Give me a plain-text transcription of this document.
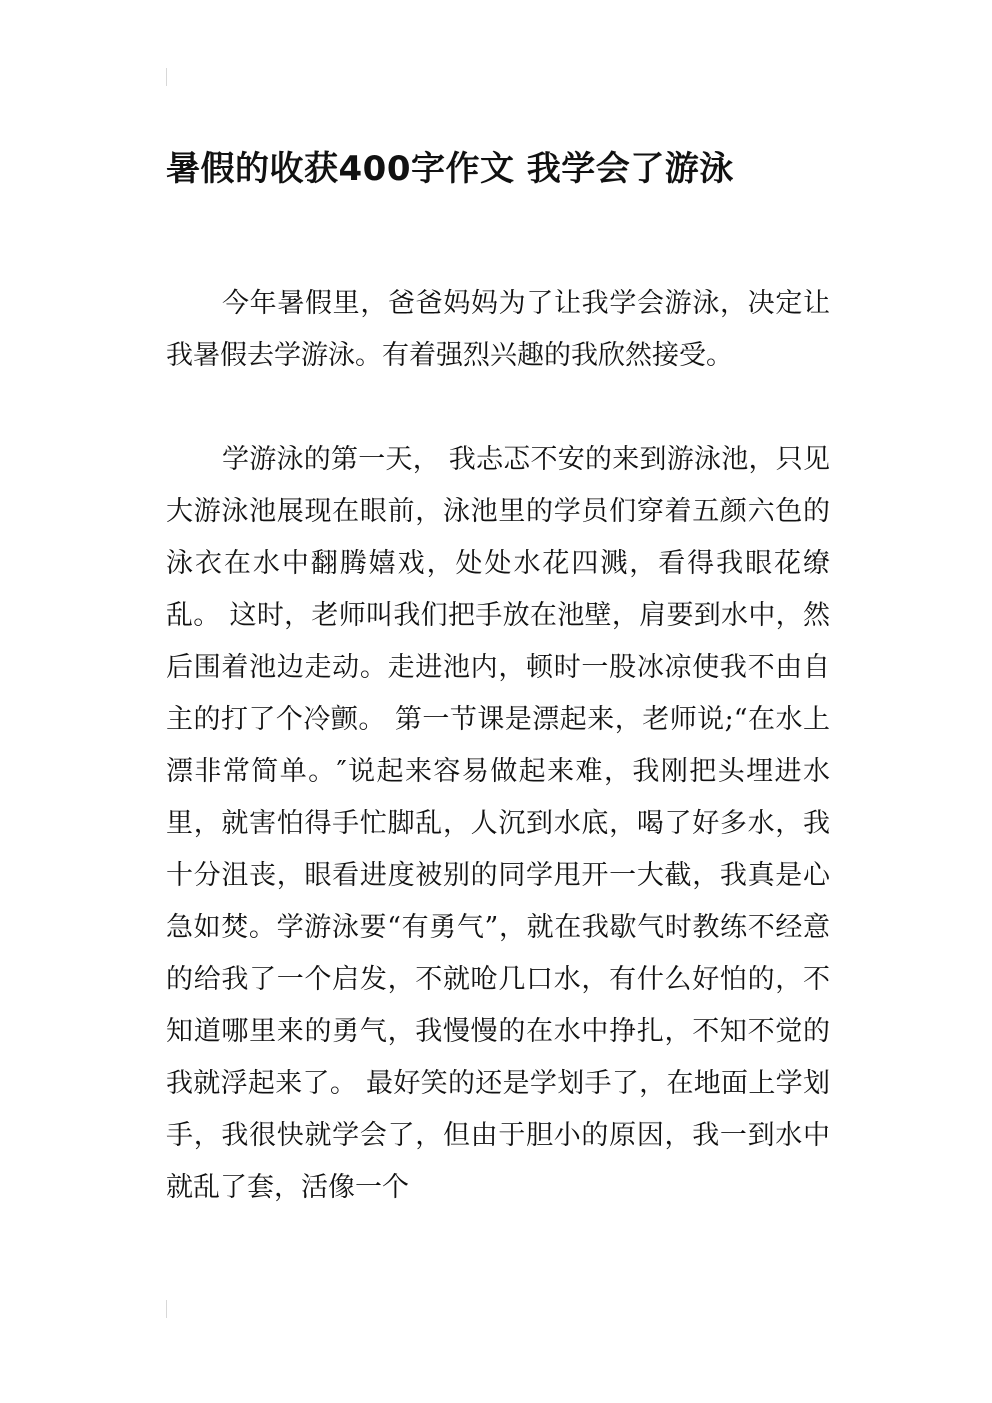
暑假的收获400字作文 我学会了游泳

今年暑假里，爸爸妈妈为了让我学会游泳，决定让我暑假去学游泳。有着强烈兴趣的我欣然接受。

学游泳的第一天， 我忐忑不安的来到游泳池，只见大游泳池展现在眼前，泳池里的学员们穿着五颜六色的泳衣在水中翻腾嬉戏，处处水花四溅，看得我眼花缭乱。 这时，老师叫我们把手放在池壁，肩要到水中，然后围着池边走动。走进池内，顿时一股冰凉使我不由自主的打了个冷颤。 第一节课是漂起来，老师说;“在水上漂非常简单。″说起来容易做起来难，我刚把头埋进水里，就害怕得手忙脚乱，人沉到水底，喝了好多水，我十分沮丧，眼看进度被别的同学甩开一大截，我真是心急如焚。学游泳要“有勇气”，就在我歇气时教练不经意的给我了一个启发，不就呛几口水，有什么好怕的，不知道哪里来的勇气，我慢慢的在水中挣扎，不知不觉的我就浮起来了。 最好笑的还是学划手了，在地面上学划手，我很快就学会了，但由于胆小的原因，我一到水中就乱了套，活像一个
